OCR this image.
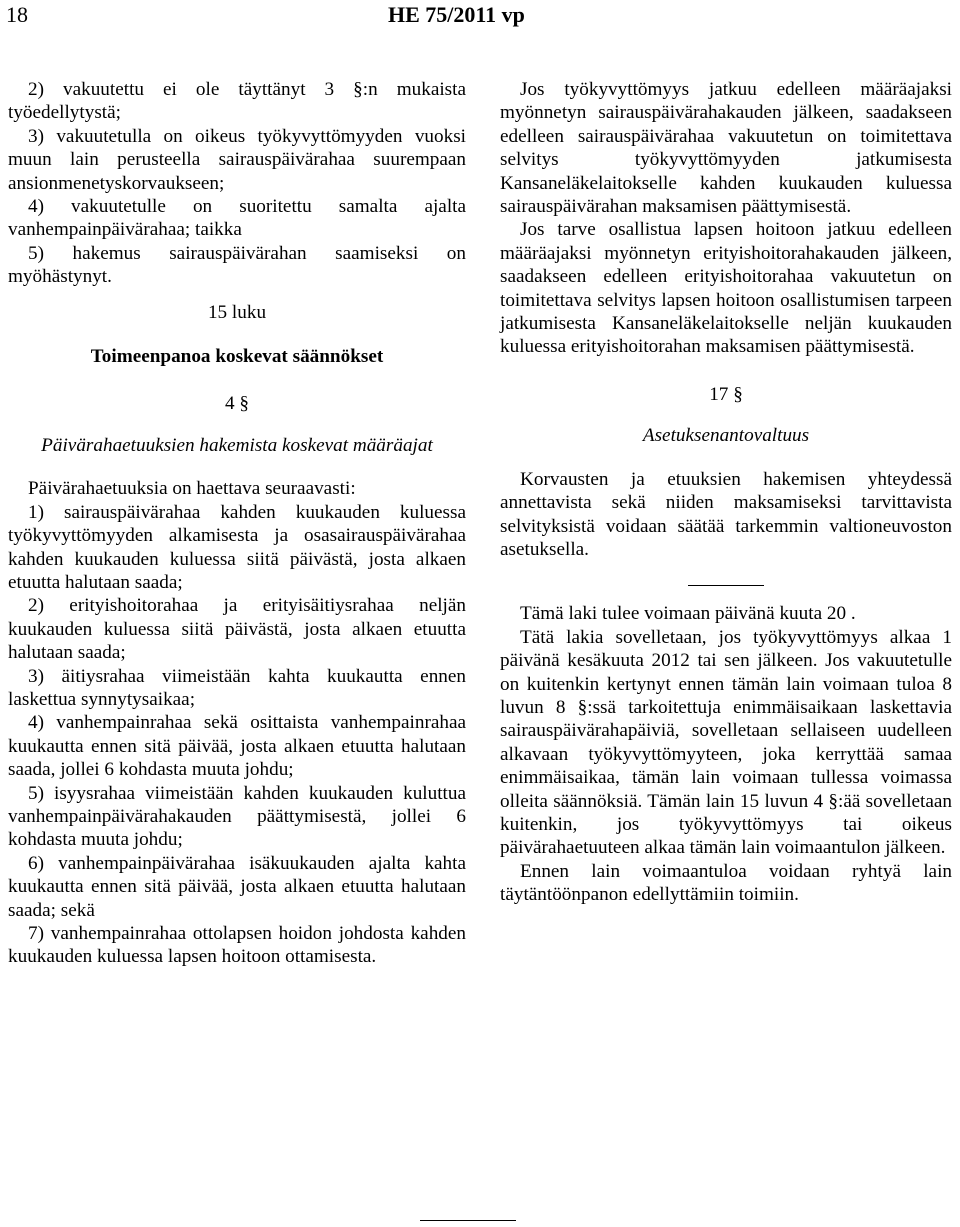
18	HE 75/2011 vp

2) vakuutettu ei ole täyttänyt 3 §:n mukaista työedellytystä;

3) vakuutetulla on oikeus työkyvyttömyyden vuoksi muun lain perusteella sairauspäivärahaa suurempaan ansionmenetyskorvaukseen;

4) vakuutetulle on suoritettu samalta ajalta vanhempainpäivärahaa; taikka

5) hakemus sairauspäivärahan saamiseksi on myöhästynyt.

15 luku

Toimeenpanoa koskevat säännökset

4 §

Päivärahaetuuksien hakemista koskevat määräajat

Päivärahaetuuksia on haettava seuraavasti:

1) sairauspäivärahaa kahden kuukauden kuluessa työkyvyttömyyden alkamisesta ja osasairauspäivärahaa kahden kuukauden kuluessa siitä päivästä, josta alkaen etuutta halutaan saada;

2) erityishoitorahaa ja erityisäitiysrahaa neljän kuukauden kuluessa siitä päivästä, josta alkaen etuutta halutaan saada;

3) äitiysrahaa viimeistään kahta kuukautta ennen laskettua synnytysaikaa;

4) vanhempainrahaa sekä osittaista vanhempainrahaa kuukautta ennen sitä päivää, josta alkaen etuutta halutaan saada, jollei 6 kohdasta muuta johdu;

5) isyysrahaa viimeistään kahden kuukauden kuluttua vanhempainpäivärahakauden päättymisestä, jollei 6 kohdasta muuta johdu;

6) vanhempainpäivärahaa isäkuukauden ajalta kahta kuukautta ennen sitä päivää, josta alkaen etuutta halutaan saada; sekä

7) vanhempainrahaa ottolapsen hoidon johdosta kahden kuukauden kuluessa lapsen hoitoon ottamisesta.

Jos työkyvyttömyys jatkuu edelleen määräajaksi myönnetyn sairauspäivärahakauden jälkeen, saadakseen edelleen sairauspäivärahaa vakuutetun on toimitettava selvitys työkyvyttömyyden jatkumisesta Kansaneläkelaitokselle kahden kuukauden kuluessa sairauspäivärahan maksamisen päättymisestä.

Jos tarve osallistua lapsen hoitoon jatkuu edelleen määräajaksi myönnetyn erityishoitorahakauden jälkeen, saadakseen edelleen erityishoitorahaa vakuutetun on toimitettava selvitys lapsen hoitoon osallistumisen tarpeen jatkumisesta Kansaneläkelaitokselle neljän kuukauden kuluessa erityishoitorahan maksamisen päättymisestä.

17 §

Asetuksenantovaltuus

Korvausten ja etuuksien hakemisen yhteydessä annettavista sekä niiden maksamiseksi tarvittavista selvityksistä voidaan säätää tarkemmin valtioneuvoston asetuksella.

Tämä laki tulee voimaan päivänä kuuta 20 .

Tätä lakia sovelletaan, jos työkyvyttömyys alkaa 1 päivänä kesäkuuta 2012 tai sen jälkeen. Jos vakuutetulle on kuitenkin kertynyt ennen tämän lain voimaan tuloa 8 luvun 8 §:ssä tarkoitettuja enimmäisaikaan laskettavia sairauspäivärahapäiviä, sovelletaan sellaiseen uudelleen alkavaan työkyvyttömyyteen, joka kerryttää samaa enimmäisaikaa, tämän lain voimaan tullessa voimassa olleita säännöksiä. Tämän lain 15 luvun 4 §:ää sovelletaan kuitenkin, jos työkyvyttömyys tai oikeus päivärahaetuuteen alkaa tämän lain voimaantulon jälkeen.

Ennen lain voimaantuloa voidaan ryhtyä lain täytäntöönpanon edellyttämiin toimiin.
